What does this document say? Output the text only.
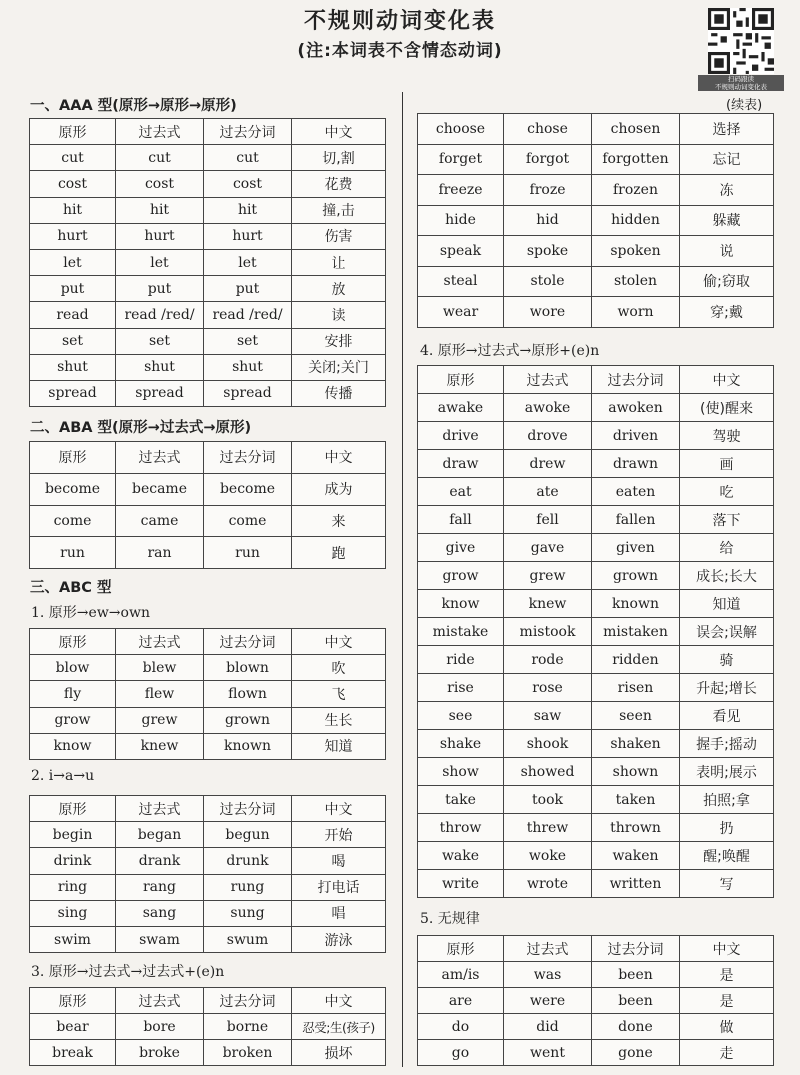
不规则动词变化表
(注:本词表不含情态动词)
扫码跟读
不规则动词变化表
一、AAA 型(原形→原形→原形)
原形	过去式	过去分词	中文
cut	cut	cut	切,割
cost	cost	cost	花费
hit	hit	hit	撞,击
hurt	hurt	hurt	伤害
let	let	let	让
put	put	put	放
read	read /red/	read /red/	读
set	set	set	安排
shut	shut	shut	关闭;关门
spread	spread	spread	传播
二、ABA 型(原形→过去式→原形)
原形	过去式	过去分词	中文
become	became	become	成为
come	came	come	来
run	ran	run	跑
三、ABC 型
1. 原形→ew→own
原形	过去式	过去分词	中文
blow	blew	blown	吹
fly	flew	flown	飞
grow	grew	grown	生长
know	knew	known	知道
2. i→a→u
原形	过去式	过去分词	中文
begin	began	begun	开始
drink	drank	drunk	喝
ring	rang	rung	打电话
sing	sang	sung	唱
swim	swam	swum	游泳
3. 原形→过去式→过去式+(e)n
原形	过去式	过去分词	中文
bear	bore	borne	忍受;生(孩子)
break	broke	broken	损坏
(续表)
choose	chose	chosen	选择
forget	forgot	forgotten	忘记
freeze	froze	frozen	冻
hide	hid	hidden	躲藏
speak	spoke	spoken	说
steal	stole	stolen	偷;窃取
wear	wore	worn	穿;戴
4. 原形→过去式→原形+(e)n
原形	过去式	过去分词	中文
awake	awoke	awoken	(使)醒来
drive	drove	driven	驾驶
draw	drew	drawn	画
eat	ate	eaten	吃
fall	fell	fallen	落下
give	gave	given	给
grow	grew	grown	成长;长大
know	knew	known	知道
mistake	mistook	mistaken	误会;误解
ride	rode	ridden	骑
rise	rose	risen	升起;增长
see	saw	seen	看见
shake	shook	shaken	握手;摇动
show	showed	shown	表明;展示
take	took	taken	拍照;拿
throw	threw	thrown	扔
wake	woke	waken	醒;唤醒
write	wrote	written	写
5. 无规律
原形	过去式	过去分词	中文
am/is	was	been	是
are	were	been	是
do	did	done	做
go	went	gone	走
